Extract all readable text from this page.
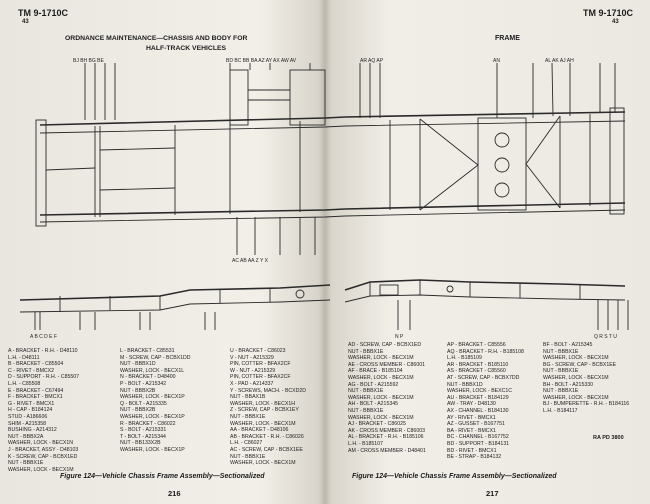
TM 9-1710C
43
ORDNANCE MAINTENANCE—CHASSIS AND BODY FOR
HALF-TRACK VEHICLES
TM 9-1710C
43
FRAME
BJ BH BG BE	BD BC BB BA AZ AY AX AW AV	AR AQ AP	AN	AL AK AJ AH
AC AB AA Z Y X
A B C D E F	N P	Q R S T U
A - BRACKET - R.H. - D48110
L.H. - D48111
B - BRACKET - C85504
C - RIVET - BMCX2
D - SUPPORT - R.H. - C85507
L.H. - C85508
E - BRACKET - C67494
F - BRACKET - BMCX1
G - RIVET - BMCX1
H - CAP - B184124
STUD - A186606
SHIM - A215358
BUSHING - A214312
NUT - BBBX2A
WASHER, LOCK - BECX1N
J - BRACKET, ASSY - D48103
K - SCREW, CAP - BCBX1ED
NUT - BBBX1E
WASHER, LOCK - BECX1M
L - BRACKET - C85531
M - SCREW, CAP - BCBX1DD
NUT - BBBX1D
WASHER, LOCK - BECX1L
N - BRACKET - D48400
P - BOLT - A215342
NUT - BBBX2B
WASHER, LOCK - BECX1P
Q - BOLT - A215335
NUT - BBBX2B
WASHER, LOCK - BECX1P
R - BRACKET - C86022
S - BOLT - A215331
T - BOLT - A215344
NUT - BB133X2B
WASHER, LOCK - BECX1P
U - BRACKET - C86023
V - NUT - A215329
PIN, COTTER - BFAX2CF
W - NUT - A215329
PIN, COTTER - BFAX2CF
X - PAD - A214337
Y - SCREWS, MACH. - BCXD2D
NUT - BBAX1B
WASHER, LOCK - BECX1H
Z - SCREW, CAP - BCBX1EY
NUT - BBBX1E
WASHER, LOCK - BECX1M
AA - BRACKET - D48106
AB - BRACKET - R.H. - C86026
L.H. - C86027
AC - SCREW, CAP - BCBX1EE
NUT - BBBX1E
WASHER, LOCK - BECX1M
AD - SCREW, CAP - BCBX1ED
NUT - BBBX1E
WASHER, LOCK - BECX1M
AE - CROSS MEMBER - C86001
AF - BRACE - B185104
WASHER, LOCK - BECX1M
AG - BOLT - A215592
NUT - BBBX1E
WASHER, LOCK - BECX1M
AH - BOLT - A215345
NUT - BBBX1E
WASHER, LOCK - BECX1M
AJ - BRACKET - C86025
AK - CROSS MEMBER - C86003
AL - BRACKET - R.H. - B185106
L.H. - B185107
AM - CROSS MEMBER - D48401
AP - BRACKET - C85556
AQ - BRACKET - R.H. - B185108
L.H. - B185109
AR - BRACKET - B185110
AS - BRACKET - C85560
AT - SCREW, CAP - BCBX7DD
NUT - BBBX1D
WASHER, LOCK - BEXC1C
AU - BRACKET - B184129
AW - TRAY - D48130
AX - CHANNEL - B184130
AY - RIVET - BMCX1
AZ - GUSSET - B167751
BA - RIVET - BMCX1
BC - CHANNEL - B167752
BD - SUPPORT - B184131
BD - RIVET - BMCX1
BE - STRAP - B184132
BF - BOLT - A215345
NUT - BBBX1E
WASHER, LOCK - BECX1M
BG - SCREW, CAP - BCBX1EE
NUT - BBBX1E
WASHER, LOCK - BECX1M
BH - BOLT - A215330
NUT - BBBX1E
WASHER, LOCK - BECX1M
BJ - BUMPERETTE - R.H. - B184116
L.H. - B184117
RA PD 3800
Figure 124—Vehicle Chassis Frame Assembly—Sectionalized	Figure 124—Vehicle Chassis Frame Assembly—Sectionalized
216	217
